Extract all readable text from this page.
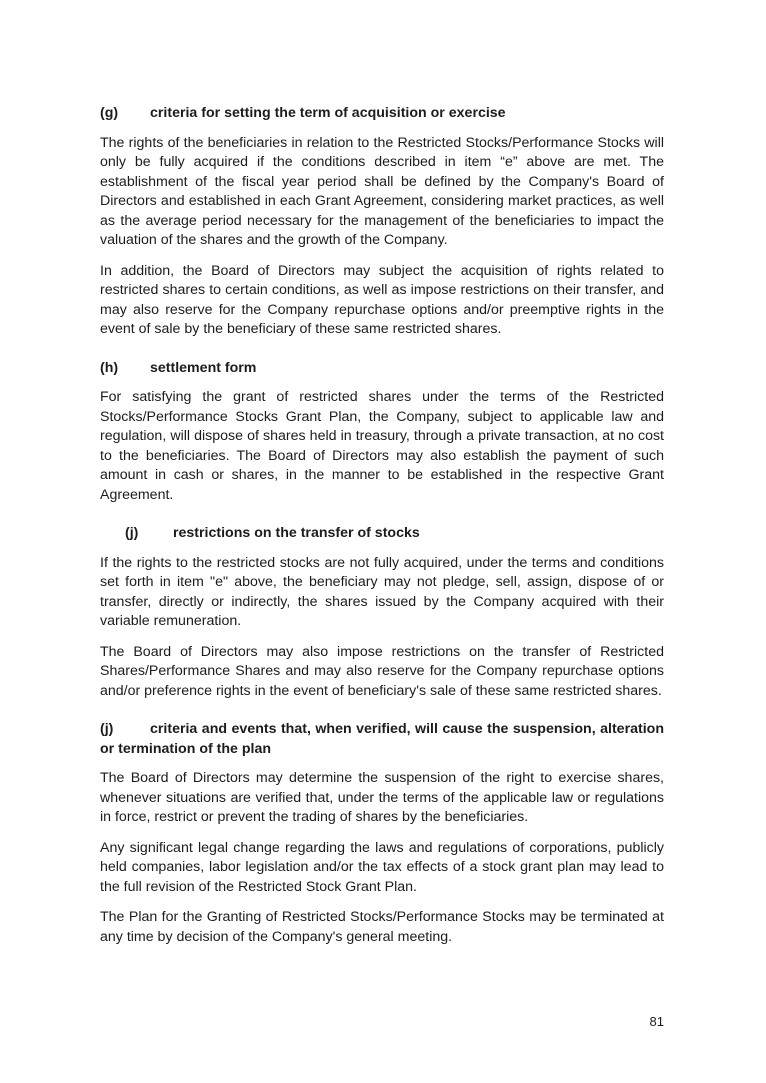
(g) criteria for setting the term of acquisition or exercise

The rights of the beneficiaries in relation to the Restricted Stocks/Performance Stocks will only be fully acquired if the conditions described in item “e” above are met. The establishment of the fiscal year period shall be defined by the Company's Board of Directors and established in each Grant Agreement, considering market practices, as well as the average period necessary for the management of the beneficiaries to impact the valuation of the shares and the growth of the Company.

In addition, the Board of Directors may subject the acquisition of rights related to restricted shares to certain conditions, as well as impose restrictions on their transfer, and may also reserve for the Company repurchase options and/or preemptive rights in the event of sale by the beneficiary of these same restricted shares.

(h) settlement form

For satisfying the grant of restricted shares under the terms of the Restricted Stocks/Performance Stocks Grant Plan, the Company, subject to applicable law and regulation, will dispose of shares held in treasury, through a private transaction, at no cost to the beneficiaries. The Board of Directors may also establish the payment of such amount in cash or shares, in the manner to be established in the respective Grant Agreement.

(j) restrictions on the transfer of stocks

If the rights to the restricted stocks are not fully acquired, under the terms and conditions set forth in item "e" above, the beneficiary may not pledge, sell, assign, dispose of or transfer, directly or indirectly, the shares issued by the Company acquired with their variable remuneration.

The Board of Directors may also impose restrictions on the transfer of Restricted Shares/Performance Shares and may also reserve for the Company repurchase options and/or preference rights in the event of beneficiary's sale of these same restricted shares.

(j)	criteria and events that, when verified, will cause the suspension, alteration or termination of the plan

The Board of Directors may determine the suspension of the right to exercise shares, whenever situations are verified that, under the terms of the applicable law or regulations in force, restrict or prevent the trading of shares by the beneficiaries.

Any significant legal change regarding the laws and regulations of corporations, publicly held companies, labor legislation and/or the tax effects of a stock grant plan may lead to the full revision of the Restricted Stock Grant Plan.

The Plan for the Granting of Restricted Stocks/Performance Stocks may be terminated at any time by decision of the Company's general meeting.

81
